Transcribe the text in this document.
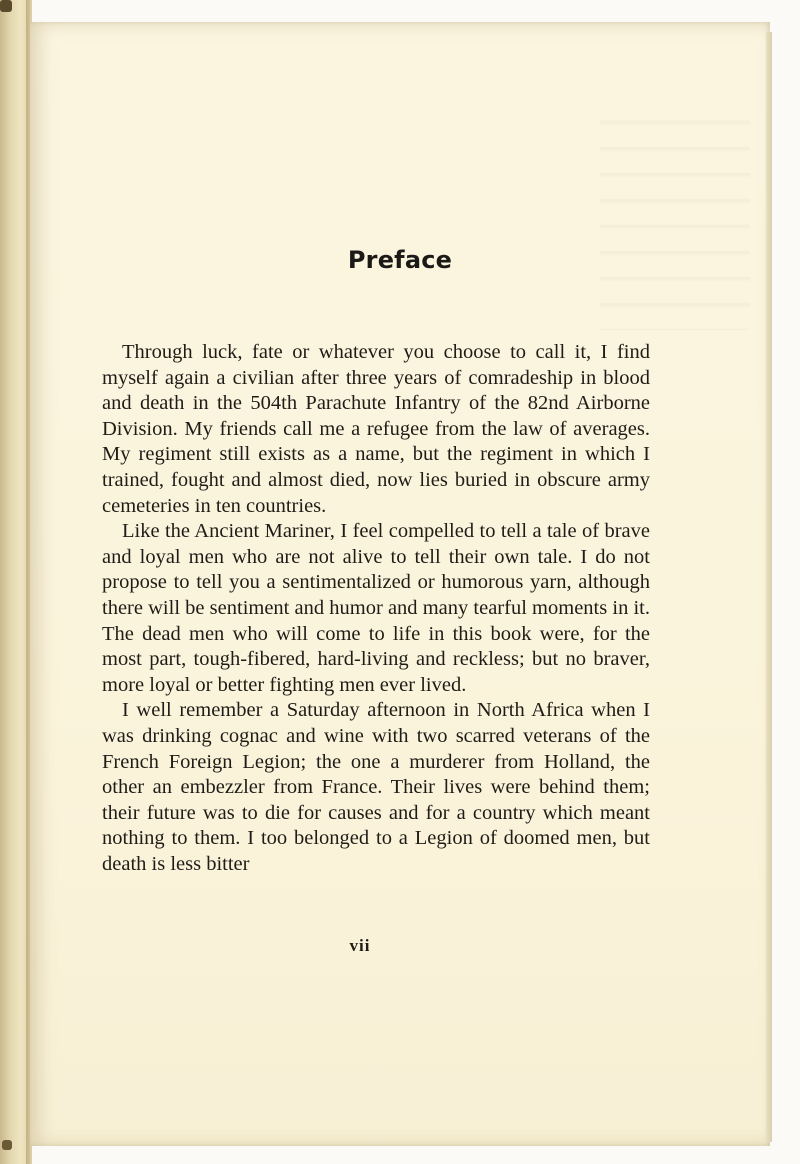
Preface

Through luck, fate or whatever you choose to call it, I find myself again a civilian after three years of comradeship in blood and death in the 504th Parachute Infantry of the 82nd Airborne Division. My friends call me a refugee from the law of averages. My regiment still exists as a name, but the regiment in which I trained, fought and almost died, now lies buried in obscure army cemeteries in ten countries.

Like the Ancient Mariner, I feel compelled to tell a tale of brave and loyal men who are not alive to tell their own tale. I do not propose to tell you a sentimentalized or humorous yarn, although there will be sentiment and humor and many tearful moments in it. The dead men who will come to life in this book were, for the most part, tough-fibered, hard-living and reckless; but no braver, more loyal or better fighting men ever lived.

I well remember a Saturday afternoon in North Africa when I was drinking cognac and wine with two scarred veterans of the French Foreign Legion; the one a murderer from Holland, the other an embezzler from France. Their lives were behind them; their future was to die for causes and for a country which meant nothing to them. I too belonged to a Legion of doomed men, but death is less bitter

vii
